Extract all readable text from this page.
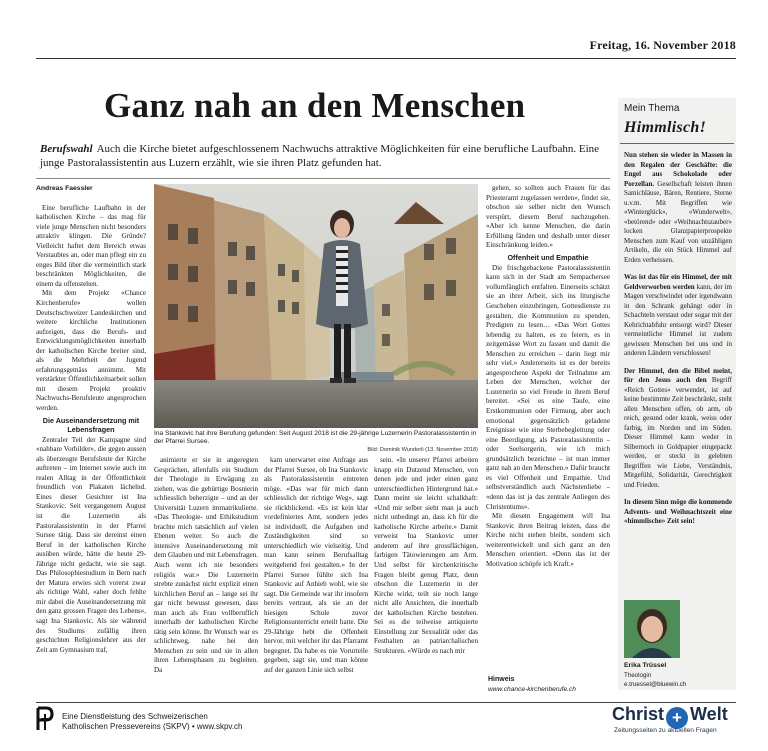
Freitag, 16. November 2018
Ganz nah an den Menschen
Berufswahl Auch die Kirche bietet aufgeschlossenem Nachwuchs attraktive Möglichkeiten für eine berufliche Laufbahn. Eine junge Pastoralassistentin aus Luzern erzählt, wie sie ihren Platz gefunden hat.
Andreas Faessler

Eine berufliche Laufbahn in der katholischen Kirche – das mag für viele junge Menschen nicht besonders attraktiv klingen. Die Gründe? Vielleicht haftet dem Bereich etwas Verstaubtes an, oder man pflegt ein zu enges Bild über die vermeintlich stark beschränkten Möglichkeiten, die einem da offenstehen.

Mit dem Projekt «Chance Kirchenberufe» wollen Deutschschweizer Landeskirchen und weitere kirchliche Institutionen aufzeigen, dass die Berufs- und Entwicklungsmöglichkeiten innerhalb der katholischen Kirche breiter sind, als die Mehrheit der Jugend erfahrungsgemäss annimmt. Mit verstärkter Öffentlichkeitsarbeit sollen mit diesem Projekt proaktiv Nachwuchs-Berufsleute angesprochen werden.

Die Auseinandersetzung mit Lebensfragen

Zentraler Teil der Kampagne sind «nahbare Vorbilder», die gegen aussen als überzeugte Berufsleute der Kirche auftreten – im Internet sowie auch im realen Alltag in der Öffentlichkeit freundlich von Plakaten lächelnd. Eines dieser Gesichter ist Ina Stankovic. Seit vergangenem August ist die Luzernerin als Pastoralassistentin in der Pfarrei Sursee tätig. Dass sie dereinst einen Beruf in der katholischen Kirche ausüben würde, hätte die heute 29-Jährige nicht gedacht, wie sie sagt. Das Philosophiestudium in Bern nach der Matura erwies sich vorerst zwar als richtige Wahl, «aber doch fehlte mir dabei die Auseinandersetzung mit den ganz grossen Fragen des Lebens», sagt Ina Stankovic. Als sie während des Studiums zufällig ihren geschichten Religionslehrer aus der Zeit am Gymnasium traf,

Ina Stankovic hat ihre Berufung gefunden: Seit August 2018 ist die 29-jährige Luzernerin Pastoralassistentin in der Pfarrei Sursee.
Bild: Dominik Wunderli (13. November 2018)

animierte er sie in angeregten Gesprächen, allenfalls ein Studium der Theologie in Erwägung zu ziehen, was die gebürtige Bosnierin schliesslich beherzigte – und an der Universität Luzern immatrikulierte. «Das Theologie- und Ethikstudium brachte mich tatsächlich auf vielen Ebenen weiter. So auch die intensive Auseinandersetzung mit dem Glauben und mit Lebensfragen. Auch wenn ich nie besonders religiös war.» Die Luzernerin strebte zunächst nicht explizit einen kirchlichen Beruf an – lange sei ihr gar nicht bewusst gewesen, dass man auch als Frau vollberuflich innerhalb der katholischen Kirche tätig sein könne. Ihr Wunsch war es schlichtweg, nahe bei den Menschen zu sein und sie in allen ihren Lebensphasen zu begleiten. Da

kam unerwartet eine Anfrage aus der Pfarrei Sursee, ob Ina Stankovic als Pastoralassistentin eintreten möge. «Das war für mich dann schliesslich der richtige Weg», sagt sie rückblickend. «Es ist kein klar vordefiniertes Amt, sondern jedes ist individuell, die Aufgaben und Zuständigkeiten sind so unterschiedlich wie vielseitig. Und man kann seinen Berufsalltag weitgehend frei gestalten.» In der Pfarrei Sursee fühlte sich Ina Stankovic auf Anhieb wohl, wie sie sagt. Die Gemeinde war ihr insofern bereits vertraut, als sie an der hiesigen Schule zuvor Religionsunterricht erteilt hatte. Die 29-Jährige hebt die Offenheit hervor, mit welcher ihr das Pfarramt begegnet. Da habe es nie Vorurteile gegeben, sagt sie, und man könne auf der ganzen Linie sich selbst

sein. «In unserer Pfarrei arbeiten knapp ein Dutzend Menschen, von denen jede und jeder einen ganz unterschiedlichen Hintergrund hat.» Dann meint sie leicht schalkhaft: «Und mir selber sieht man ja auch nicht unbedingt an, dass ich für die katholische Kirche arbeite.» Damit verweist Ina Stankovic unter anderem auf ihre grossflächigen, farbigen Tätowierungen am Arm. Und selbst für kirchenkritische Fragen bleibt genug Platz, denn obschon die Luzernerin in der Kirche wirkt, teilt sie noch lange nicht alle Ansichten, die innerhalb der katholischen Kirche bestehen. Sei es die teilweise antiquierte Einstellung zur Sexualität oder das Festhalten an patriarchalischen Strukturen. «Würde es nach mir

gehen, so sollten auch Frauen für das Priesteramt zugelassen werden», findet sie, obschon sie selber nicht den Wunsch verspürt, diesem Beruf nachzugehen. «Aber ich kenne Menschen, die darin Erfüllung fänden und deshalb unter dieser Einschränkung leiden.»

Offenheit und Empathie

Die frischgebackene Pastoralassistentin kann sich in der Stadt am Sempachersee vollumfänglich entfalten. Einerseits schätzt sie an ihrer Arbeit, sich ins liturgische Geschehen einzubringen, Gottesdienste zu gestalten, die Kommunion zu spenden, Predigten zu lesen… «Das Wort Gottes lebendig zu halten, es zu feiern, es in zeitgemässe Wort zu fassen und damit die Menschen zu erreichen – darin liegt mir sehr viel.» Andererseits ist es der bereits angesprochene Aspekt der Teilnahme am Leben der Menschen, welcher der Luzernerin so viel Freude in ihrem Beruf bereitet. «Sei es eine Taufe, eine Erstkommunion oder Firmung, aber auch emotional gegensätzlich geladene Ereignisse wie eine Sterbebegleitung oder eine Beerdigung, als Pastoralassistentin – oder Seelsorgerin, wie ich mich grundsätzlich bezeichne – ist man immer ganz nah an den Menschen.» Dafür braucht es viel Offenheit und Empathie. Und selbstverständlich auch Nächstenliebe – «denn das ist ja das zentrale Anliegen des Christentums».

Mit diesem Engagement will Ina Stankovic ihren Beitrag leisten, dass die Kirche nicht stehen bleibt, sondern sich weiterentwickelt und sich ganz an den Menschen orientiert. «Denn das ist der Motivation schöpfe ich Kraft.»

Hinweis
www.chance-kirchenberufe.ch
Mein Thema
Himmlisch!

Nun stehen sie wieder in Massen in den Regalen der Geschäfte: die Engel aus Schokolade oder Porzellan. Gesellschaft leisten ihnen Samichläuse, Bären, Rentiere, Sterne u.v.m. Mit Begriffen wie «Winterglück», «Wunderwelt», «betörend» oder «Weihnachtszauber» locken Glanzpapierprospekte Menschen zum Kauf von unzähligen Artikeln, die ein Stück Himmel auf Erden verheissen.

Was ist das für ein Himmel, der mit Geldverworben werden kann, der im Magen verschwindet oder irgendwann in den Schrank gehängt oder in Schachteln verstaut oder sogar mit der Kehrichtabfuhr entsorgt wird? Dieser vermeintliche Himmel ist zudem gewissen Menschen bei uns und in anderen Ländern verschlossen!

Der Himmel, den die Bibel meint, für den Jesus auch den Begriff «Reich Gottes» verwendet, ist auf keine bestimmte Zeit beschränkt, steht allen Menschen offen, ob arm, ob reich, gesund oder krank, weiss oder farbig, im Norden und im Süden. Dieser Himmel kann weder in Silbernoch in Goldpapier eingepackt werden, er steckt in gelebten Begriffen wie Liebe, Verständnis, Mitgefühl, Solidarität, Gerechtigkeit und Frieden.

In diesem Sinn möge die kommende Advents- und Weihnachtszeit eine «himmlische» Zeit sein!

Erika Trüssel
Theologin
e.truessel@bluewin.ch
Eine Dienstleistung des Schweizerischen
Katholischen Pressevereins (SKPV) • www.skpv.ch
Christ + Welt
Zeitungsseiten zu aktuellen Fragen
